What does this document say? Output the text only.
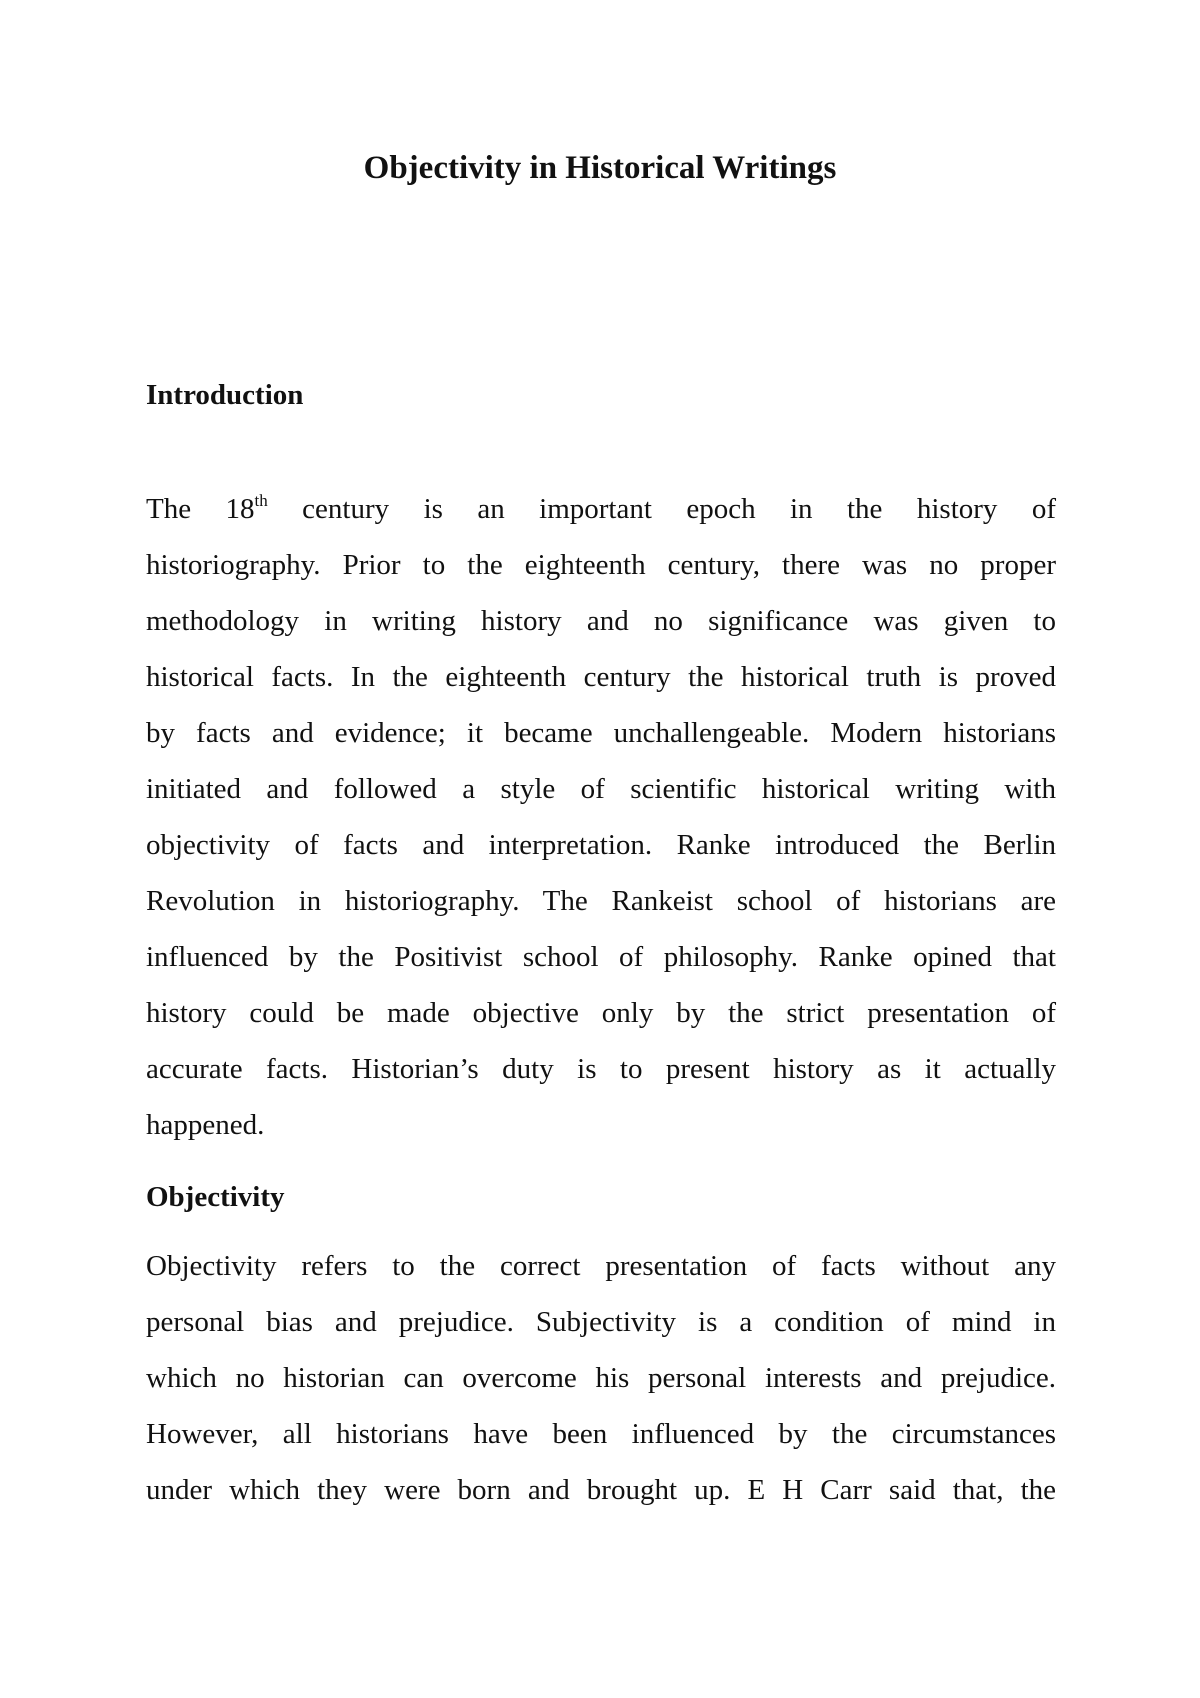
Objectivity in Historical Writings
Introduction
The 18th century is an important epoch in the history of
historiography. Prior to the eighteenth century, there was no proper
methodology in writing history and no significance was given to
historical facts. In the eighteenth century the historical truth is proved
by facts and evidence; it became unchallengeable. Modern historians
initiated and followed a style of scientific historical writing with
objectivity of facts and interpretation. Ranke introduced the Berlin
Revolution in historiography. The Rankeist school of historians are
influenced by the Positivist school of philosophy. Ranke opined that
history could be made objective only by the strict presentation of
accurate facts. Historian’s duty is to present history as it actually
happened.
Objectivity
Objectivity refers to the correct presentation of facts without any
personal bias and prejudice. Subjectivity is a condition of mind in
which no historian can overcome his personal interests and prejudice.
However, all historians have been influenced by the circumstances
under which they were born and brought up. E H Carr said that, the
